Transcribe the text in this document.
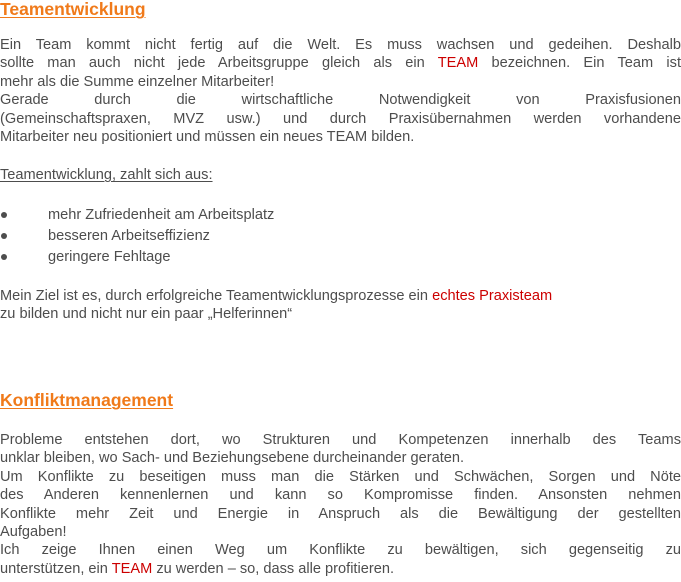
Teamentwicklung
Ein Team kommt nicht fertig auf die Welt. Es muss wachsen und gedeihen. Deshalb
sollte man auch nicht jede Arbeitsgruppe gleich als ein TEAM bezeichnen. Ein Team ist
mehr als die Summe einzelner Mitarbeiter!
Gerade durch die wirtschaftliche Notwendigkeit von Praxisfusionen
(Gemeinschaftspraxen, MVZ usw.) und durch Praxisübernahmen werden vorhandene
Mitarbeiter neu positioniert und müssen ein neues TEAM bilden.

Teamentwicklung, zahlt sich aus:

mehr Zufriedenheit am Arbeitsplatz
besseren Arbeitseffizienz
geringere Fehltage
Mein Ziel ist es, durch erfolgreiche Teamentwicklungsprozesse ein echtes Praxisteam
zu bilden und nicht nur ein paar „Helferinnen“
Konfliktmanagement
Probleme entstehen dort, wo Strukturen und Kompetenzen innerhalb des Teams
unklar bleiben, wo Sach- und Beziehungsebene durcheinander geraten.
Um Konflikte zu beseitigen muss man die Stärken und Schwächen, Sorgen und Nöte
des Anderen kennenlernen und kann so Kompromisse finden. Ansonsten nehmen
Konflikte mehr Zeit und Energie in Anspruch als die Bewältigung der gestellten
Aufgaben!
Ich zeige Ihnen einen Weg um Konflikte zu bewältigen, sich gegenseitig zu
unterstützen, ein TEAM zu werden – so, dass alle profitieren.
